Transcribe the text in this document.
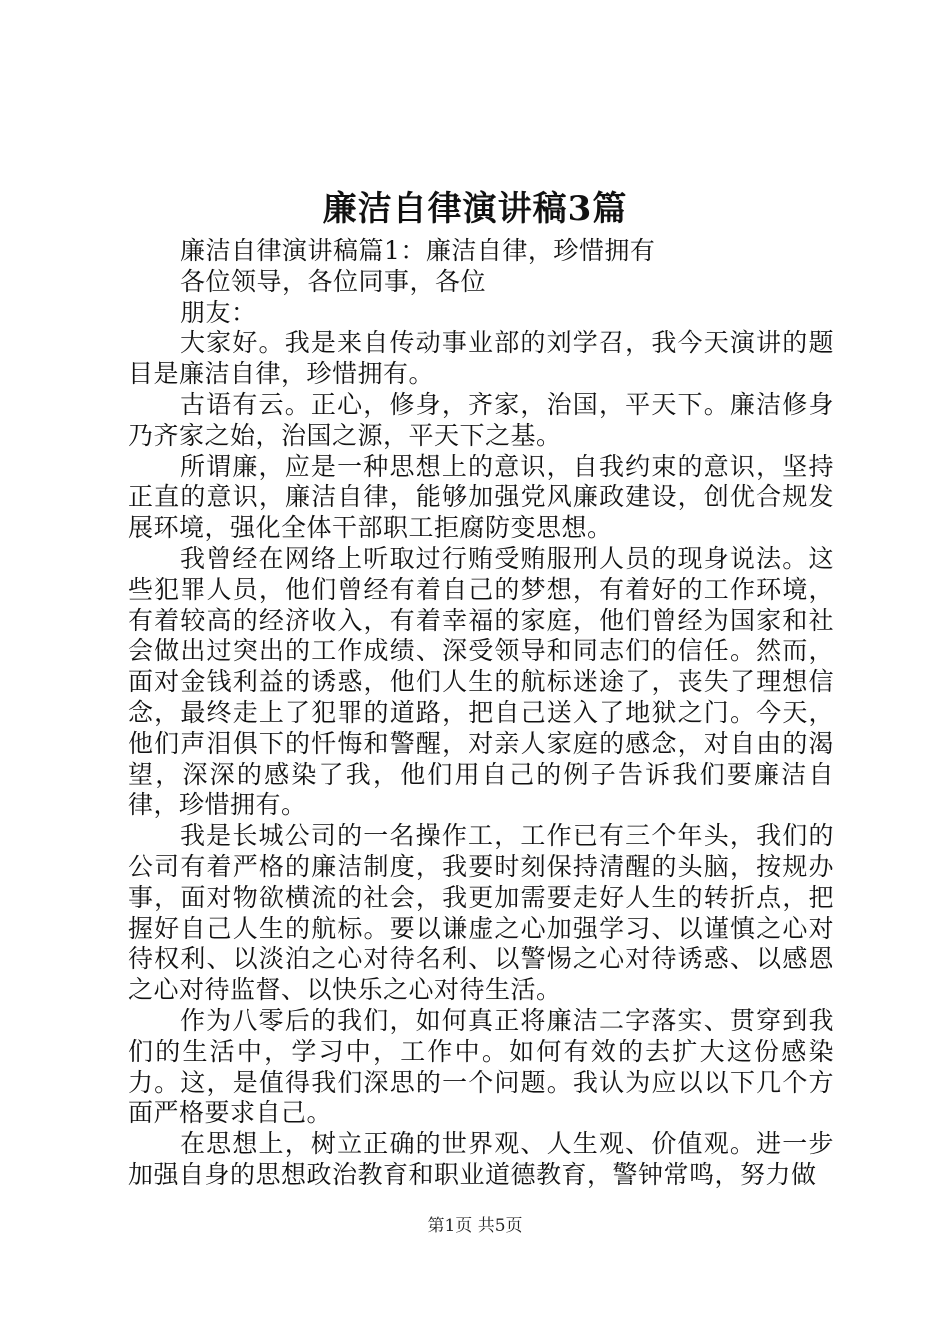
廉洁自律演讲稿3篇

廉洁自律演讲稿篇1：廉洁自律，珍惜拥有

各位领导，各位同事，各位

朋友：

大家好。我是来自传动事业部的刘学召，我今天演讲的题目是廉洁自律，珍惜拥有。

古语有云。正心，修身，齐家，治国，平天下。廉洁修身乃齐家之始，治国之源，平天下之基。

所谓廉，应是一种思想上的意识，自我约束的意识，坚持正直的意识，廉洁自律，能够加强党风廉政建设，创优合规发展环境，强化全体干部职工拒腐防变思想。

我曾经在网络上听取过行贿受贿服刑人员的现身说法。这些犯罪人员，他们曾经有着自己的梦想，有着好的工作环境，有着较高的经济收入，有着幸福的家庭，他们曾经为国家和社会做出过突出的工作成绩、深受领导和同志们的信任。然而，面对金钱利益的诱惑，他们人生的航标迷途了，丧失了理想信念，最终走上了犯罪的道路，把自己送入了地狱之门。今天，他们声泪俱下的忏悔和警醒，对亲人家庭的感念，对自由的渴望，深深的感染了我，他们用自己的例子告诉我们要廉洁自律，珍惜拥有。

我是长城公司的一名操作工，工作已有三个年头，我们的公司有着严格的廉洁制度，我要时刻保持清醒的头脑，按规办事，面对物欲横流的社会，我更加需要走好人生的转折点，把握好自己人生的航标。要以谦虚之心加强学习、以谨慎之心对待权利、以淡泊之心对待名利、以警惕之心对待诱惑、以感恩之心对待监督、以快乐之心对待生活。

作为八零后的我们，如何真正将廉洁二字落实、贯穿到我们的生活中，学习中，工作中。如何有效的去扩大这份感染力。这，是值得我们深思的一个问题。我认为应以以下几个方面严格要求自己。

在思想上，树立正确的世界观、人生观、价值观。进一步加强自身的思想政治教育和职业道德教育，警钟常鸣，努力做

第1页 共5页
